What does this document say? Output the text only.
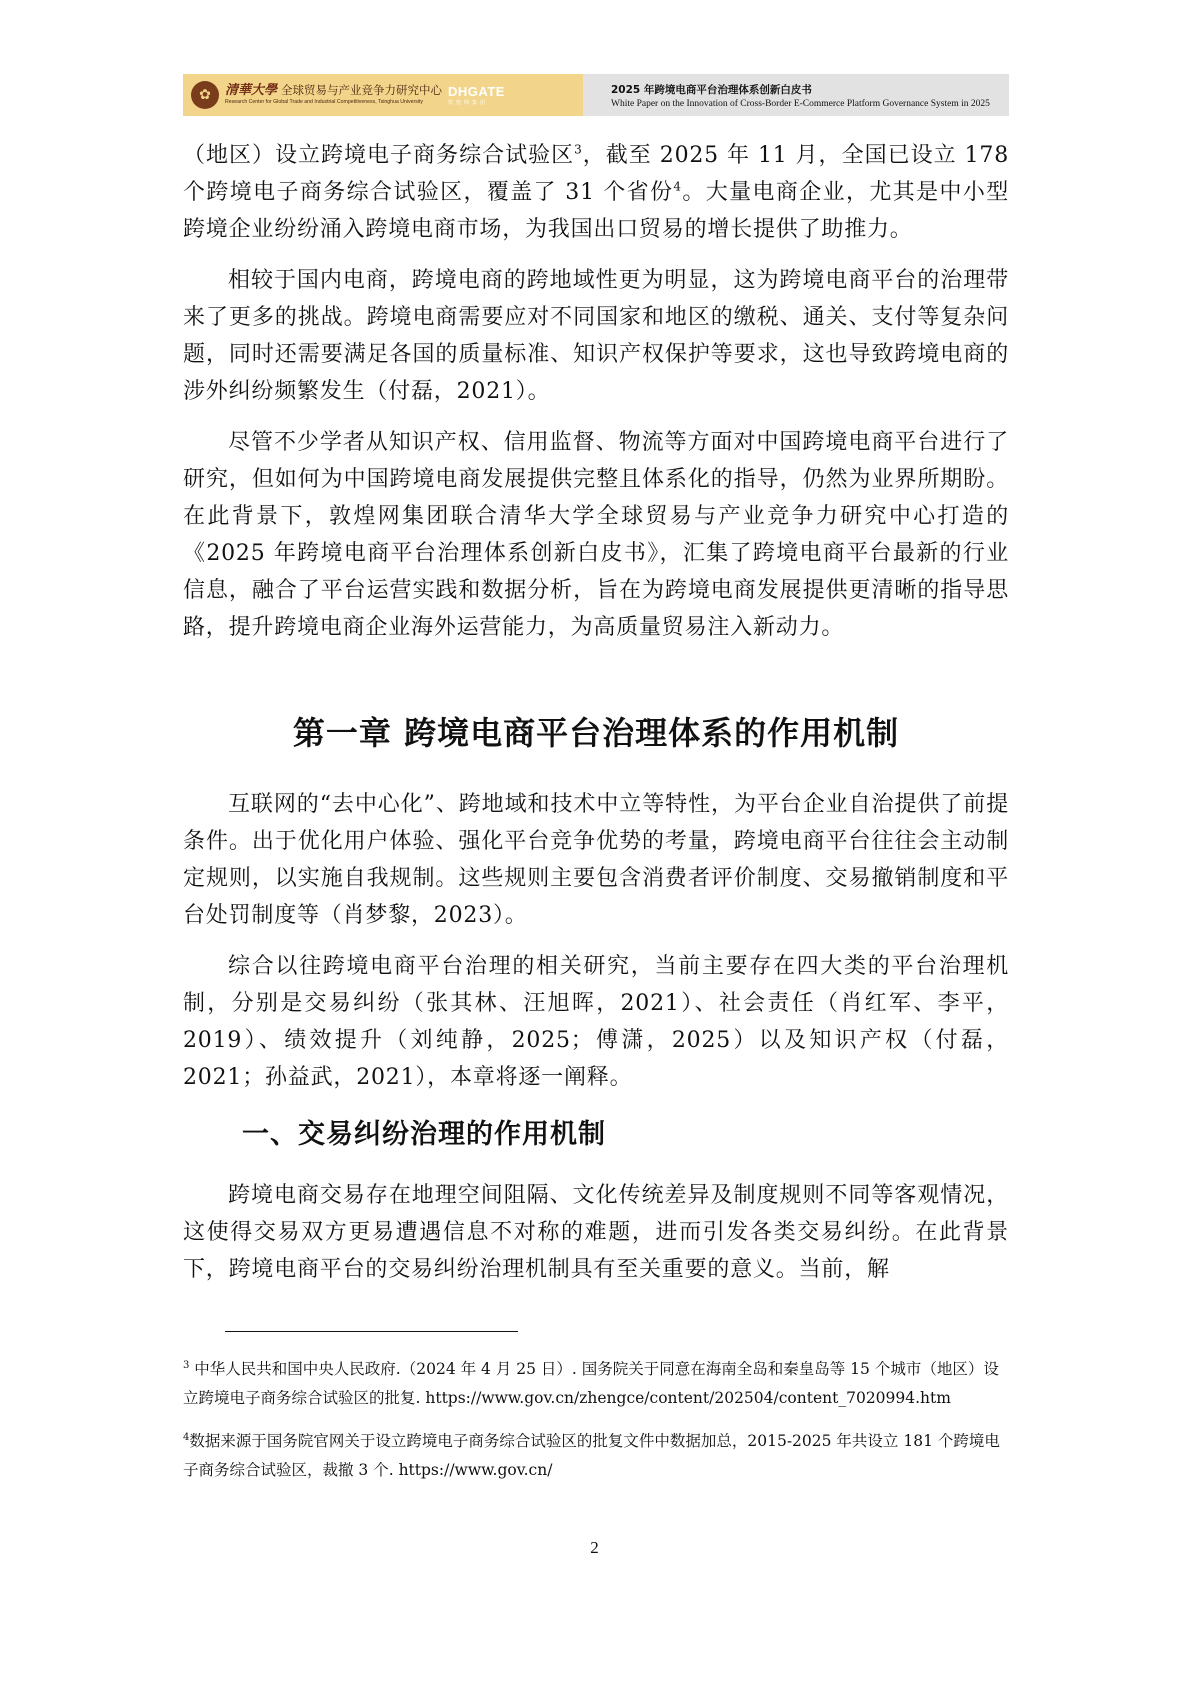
✿	清華大學 全球贸易与产业竞争力研究中心
Research Center for Global Trade and Industrial Competitiveness, Tsinghua University
DHGATE
敦煌网集团
2025 年跨境电商平台治理体系创新白皮书
White Paper on the Innovation of Cross-Border E-Commerce Platform Governance System in 2025

（地区）设立跨境电子商务综合试验区$^3$，截至 2025 年 11 月，全国已设立 178 个跨境电子商务综合试验区，覆盖了 31 个省份$^4$。大量电商企业，尤其是中小型跨境企业纷纷涌入跨境电商市场，为我国出口贸易的增长提供了助推力。

相较于国内电商，跨境电商的跨地域性更为明显，这为跨境电商平台的治理带来了更多的挑战。跨境电商需要应对不同国家和地区的缴税、通关、支付等复杂问题，同时还需要满足各国的质量标准、知识产权保护等要求，这也导致跨境电商的涉外纠纷频繁发生（付磊，2021）。

尽管不少学者从知识产权、信用监督、物流等方面对中国跨境电商平台进行了研究，但如何为中国跨境电商发展提供完整且体系化的指导，仍然为业界所期盼。在此背景下，敦煌网集团联合清华大学全球贸易与产业竞争力研究中心打造的《2025 年跨境电商平台治理体系创新白皮书》，汇集了跨境电商平台最新的行业信息，融合了平台运营实践和数据分析，旨在为跨境电商发展提供更清晰的指导思路，提升跨境电商企业海外运营能力，为高质量贸易注入新动力。

第一章 跨境电商平台治理体系的作用机制

互联网的“去中心化”、跨地域和技术中立等特性，为平台企业自治提供了前提条件。出于优化用户体验、强化平台竞争优势的考量，跨境电商平台往往会主动制定规则，以实施自我规制。这些规则主要包含消费者评价制度、交易撤销制度和平台处罚制度等（肖梦黎，2023）。

综合以往跨境电商平台治理的相关研究，当前主要存在四大类的平台治理机制，分别是交易纠纷（张其林、汪旭晖，2021）、社会责任（肖红军、李平，2019）、绩效提升（刘纯静，2025；傅潇，2025）以及知识产权（付磊，2021；孙益武，2021），本章将逐一阐释。

一、交易纠纷治理的作用机制

跨境电商交易存在地理空间阻隔、文化传统差异及制度规则不同等客观情况，这使得交易双方更易遭遇信息不对称的难题，进而引发各类交易纠纷。在此背景下，跨境电商平台的交易纠纷治理机制具有至关重要的意义。当前，解

$^3$ 中华人民共和国中央人民政府.（2024 年 4 月 25 日）. 国务院关于同意在海南全岛和秦皇岛等 15 个城市（地区）设立跨境电子商务综合试验区的批复. https://www.gov.cn/zhengce/content/202504/content_7020994.htm

$^4$数据来源于国务院官网关于设立跨境电子商务综合试验区的批复文件中数据加总，2015-2025 年共设立 181 个跨境电子商务综合试验区，裁撤 3 个. https://www.gov.cn/

2
